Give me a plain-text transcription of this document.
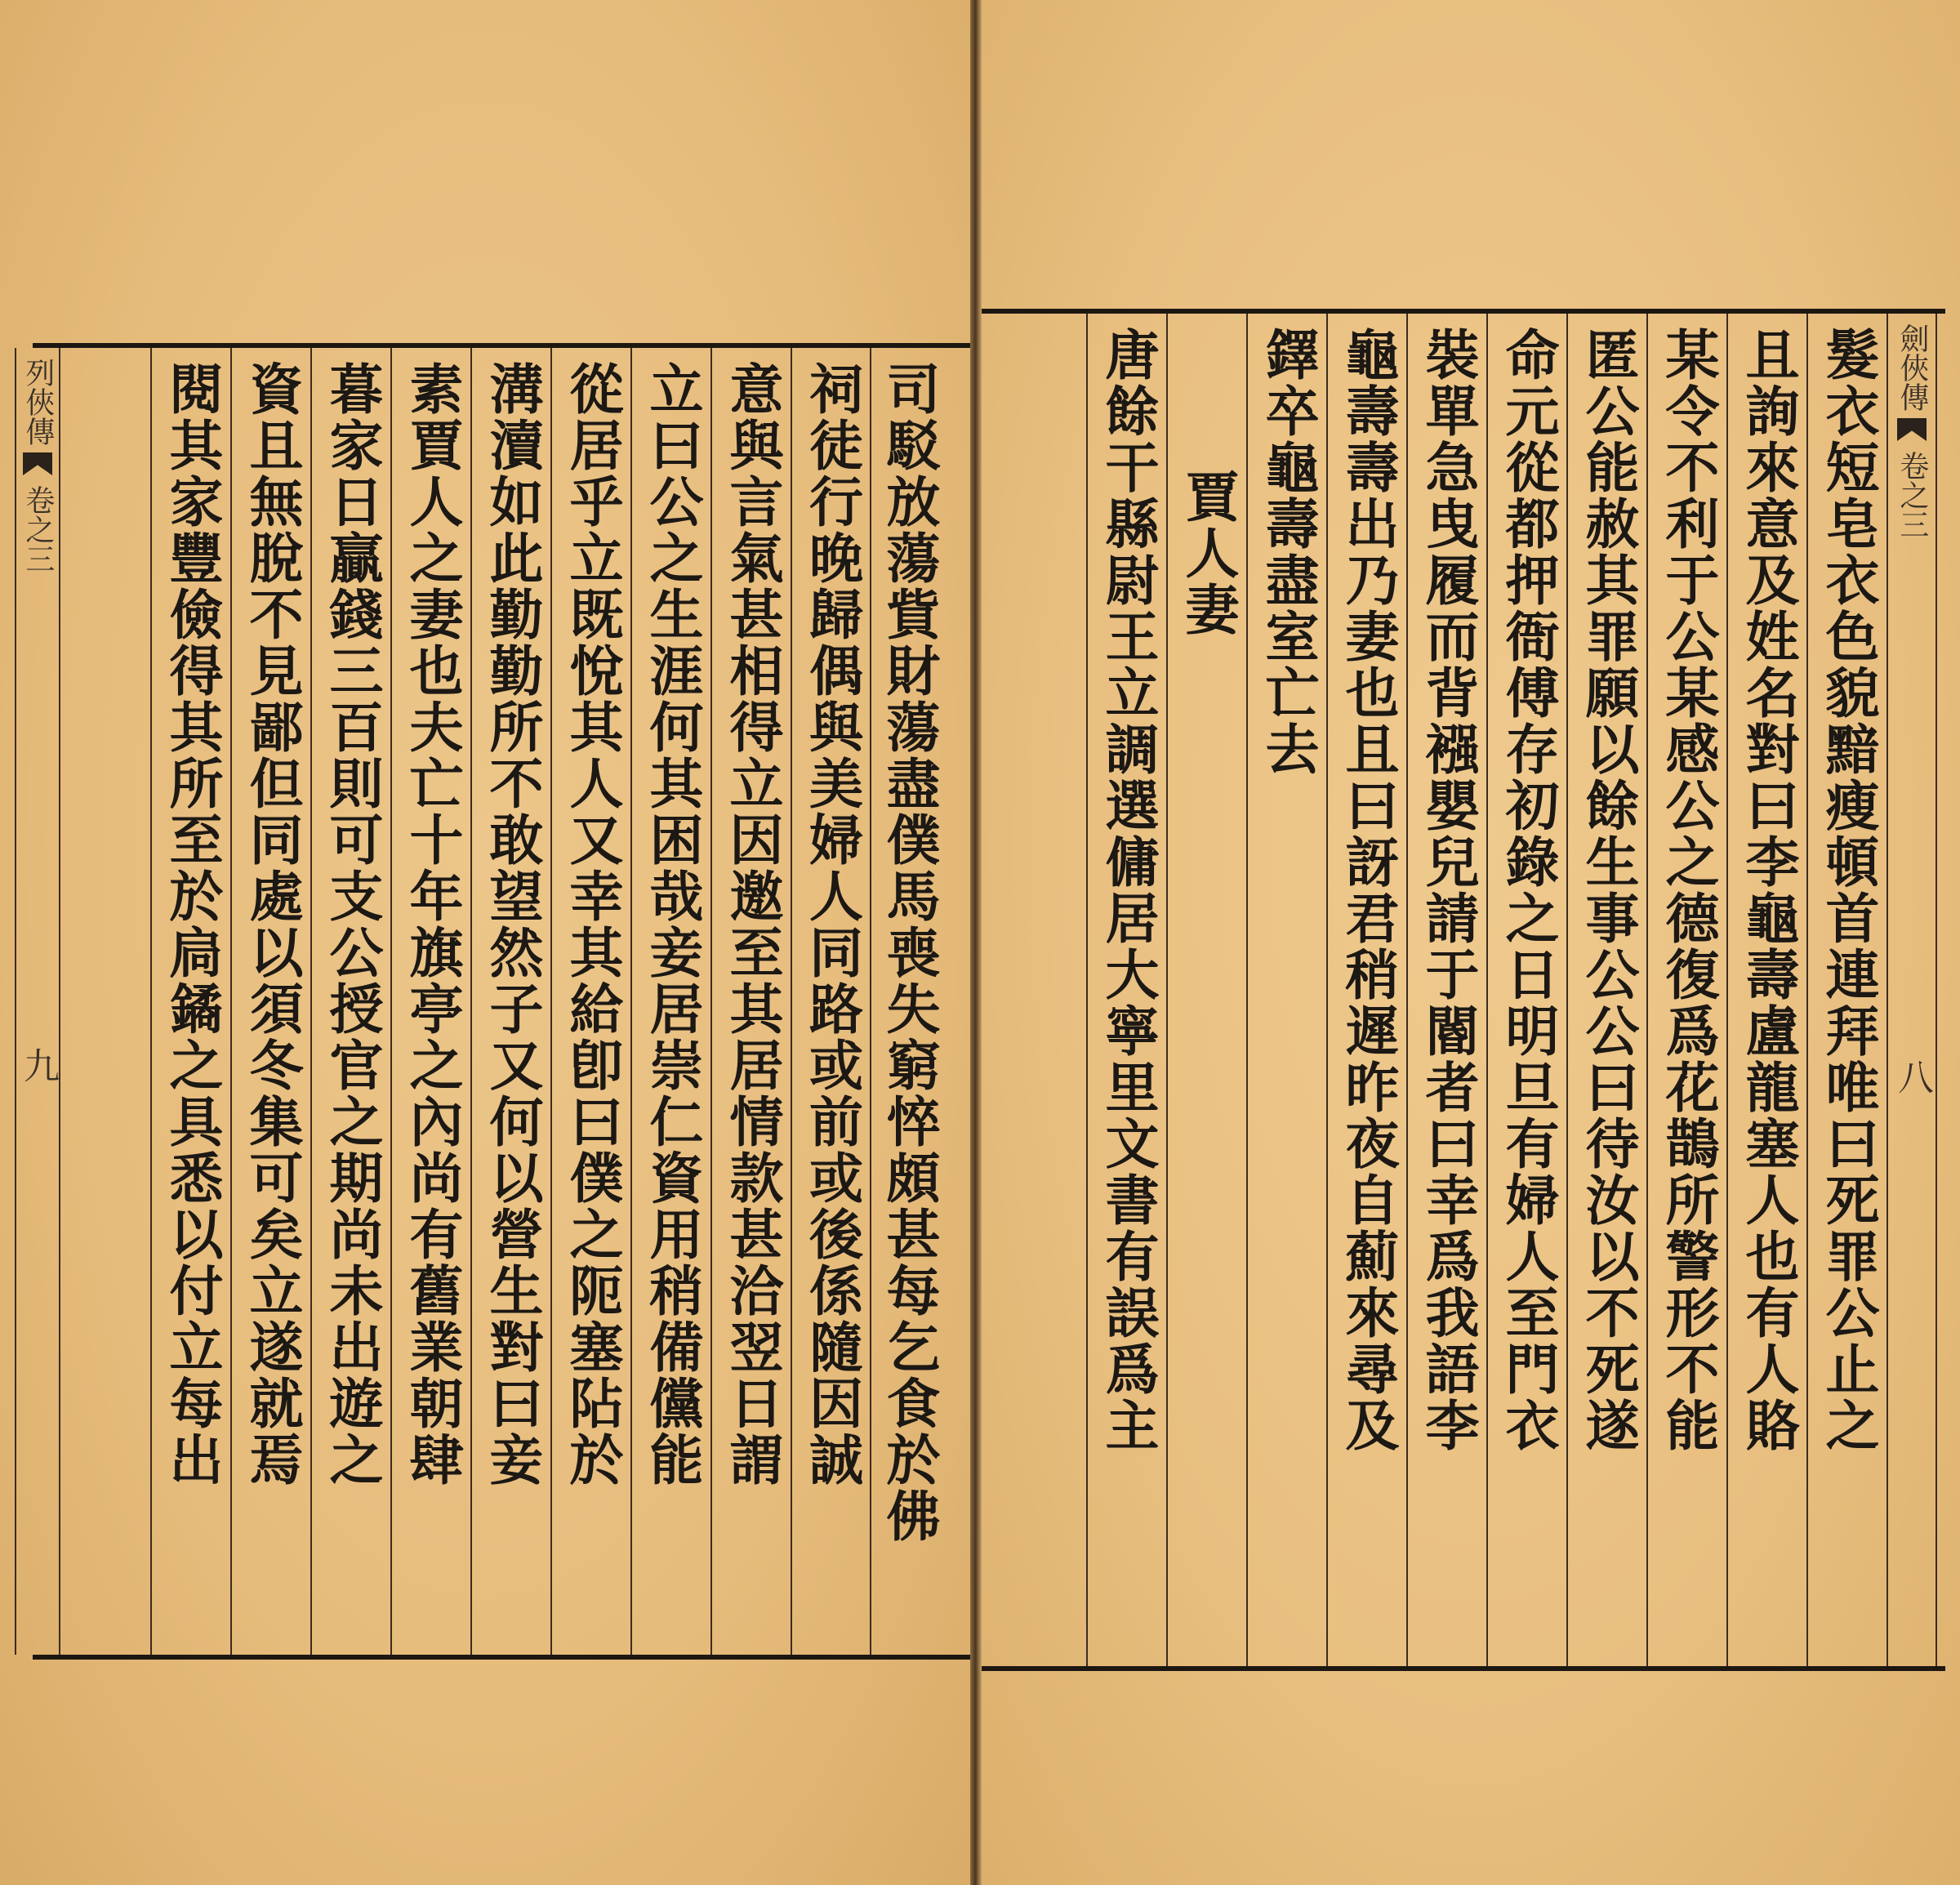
列俠傳
卷之三
九	司駁放蕩貲財蕩盡僕馬喪失窮悴頗甚每乞食於佛
祠徒行晚歸偶與美婦人同路或前或後係隨因誠
意與言氣甚相得立因邀至其居情款甚洽翌日謂
立曰公之生涯何其困哉妾居崇仁資用稍備儻能
從居乎立既悅其人又幸其給卽曰僕之阨塞阽於
溝瀆如此勤勤所不敢望然子又何以營生對曰妾
素賈人之妻也夫亡十年旗亭之內尚有舊業朝肆
暮家日贏錢三百則可支公授官之期尚未出遊之
資且無脫不見鄙但同處以須冬集可矣立遂就焉
閱其家豐儉得其所至於扃鐍之具悉以付立每出	髮衣短皂衣色貌黯瘦頓首連拜唯曰死罪公止之
且詢來意及姓名對曰李龜壽盧龍塞人也有人賂
某令不利于公某感公之德復爲花鵲所警形不能
匿公能赦其罪願以餘生事公公曰待汝以不死遂
命元從都押衙傅存初錄之日明旦有婦人至門衣
裝單急曳履而背襁嬰兒請于閽者曰幸爲我語李
龜壽壽出乃妻也且曰訝君稍遲昨夜自薊來尋及
鐸卒龜壽盡室亡去
賈人妻
唐餘干縣尉王立調選傭居大寧里文書有誤爲主	劍俠傳
卷之三
八
